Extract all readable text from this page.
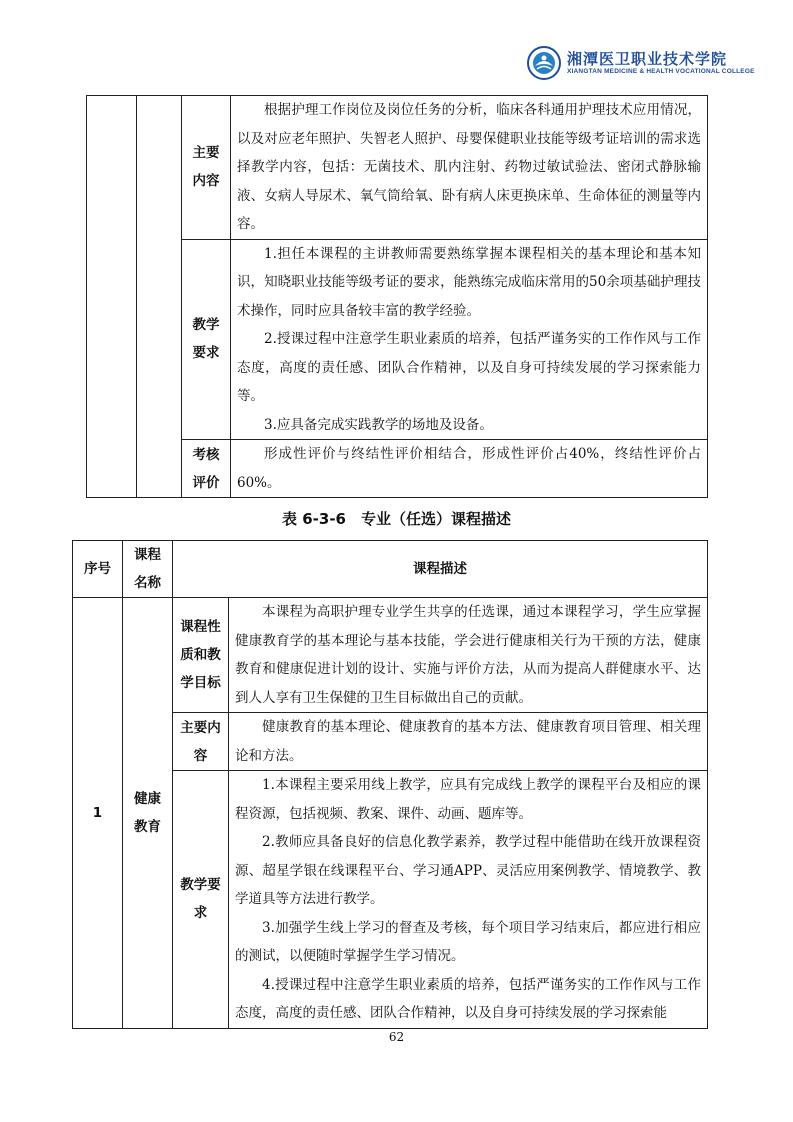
湘潭医卫职业技术学院
XIANGTAN MEDICINE & HEALTH VOCATIONAL COLLEGE

		主要内容	根据护理工作岗位及岗位任务的分析，临床各科通用护理技术应用情况，以及对应老年照护、失智老人照护、母婴保健职业技能等级考证培训的需求选择教学内容，包括：无菌技术、肌内注射、药物过敏试验法、密闭式静脉输液、女病人导尿术、氧气筒给氧、卧有病人床更换床单、生命体征的测量等内容。

		教学要求	1.担任本课程的主讲教师需要熟练掌握本课程相关的基本理论和基本知识，知晓职业技能等级考证的要求，能熟练完成临床常用的50余项基础护理技术操作，同时应具备较丰富的教学经验。

2.授课过程中注意学生职业素质的培养，包括严谨务实的工作作风与工作态度，高度的责任感、团队合作精神，以及自身可持续发展的学习探索能力等。

3.应具备完成实践教学的场地及设备。

		考核评价	形成性评价与终结性评价相结合，形成性评价占40%，终结性评价占60%。

表 6-3-6　专业（任选）课程描述
序号	课程名称	课程描述	
1	健康教育	课程性质和教学目标	本课程为高职护理专业学生共享的任选课，通过本课程学习，学生应掌握健康教育学的基本理论与基本技能，学会进行健康相关行为干预的方法，健康教育和健康促进计划的设计、实施与评价方法，从而为提高人群健康水平、达到人人享有卫生保健的卫生目标做出自己的贡献。

		主要内容	健康教育的基本理论、健康教育的基本方法、健康教育项目管理、相关理论和方法。

		教学要求	1.本课程主要采用线上教学，应具有完成线上教学的课程平台及相应的课程资源，包括视频、教案、课件、动画、题库等。

2.教师应具备良好的信息化教学素养，教学过程中能借助在线开放课程资源、超星学银在线课程平台、学习通APP、灵活应用案例教学、情境教学、教学道具等方法进行教学。

3.加强学生线上学习的督查及考核，每个项目学习结束后，都应进行相应的测试，以便随时掌握学生学习情况。

4.授课过程中注意学生职业素质的培养，包括严谨务实的工作作风与工作态度，高度的责任感、团队合作精神，以及自身可持续发展的学习探索能

62
